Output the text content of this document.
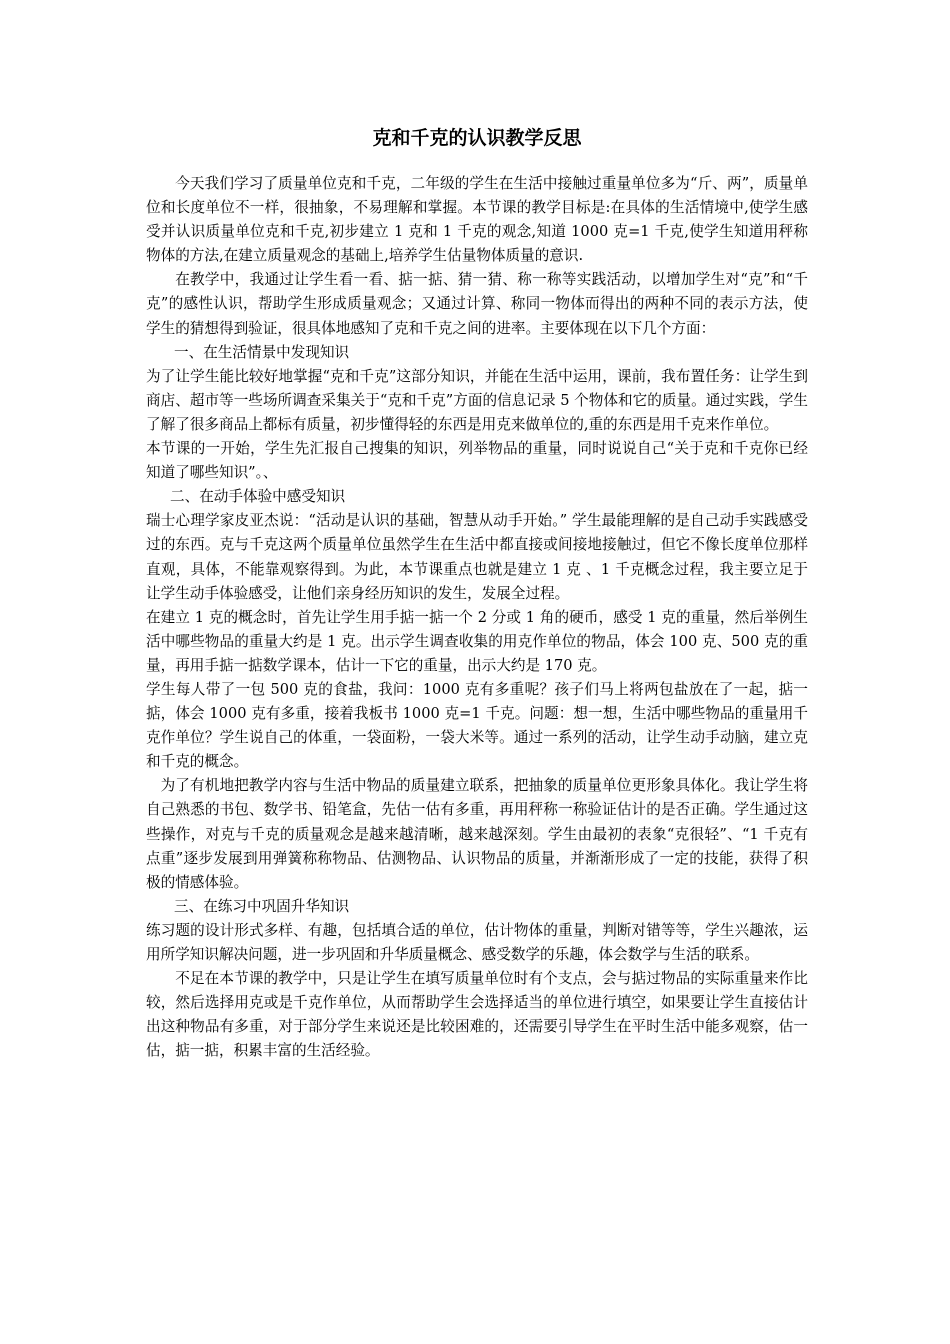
克和千克的认识教学反思

今天我们学习了质量单位克和千克，二年级的学生在生活中接触过重量单位多为“斤、两”，质量单位和长度单位不一样，很抽象，不易理解和掌握。本节课的教学目标是:在具体的生活情境中,使学生感受并认识质量单位克和千克,初步建立 1 克和 1 千克的观念,知道 1000 克=1 千克,使学生知道用秤称物体的方法,在建立质量观念的基础上,培养学生估量物体质量的意识.

在教学中，我通过让学生看一看、掂一掂、猜一猜、称一称等实践活动，以增加学生对“克”和“千克”的感性认识，帮助学生形成质量观念；又通过计算、称同一物体而得出的两种不同的表示方法，使学生的猜想得到验证，很具体地感知了克和千克之间的进率。主要体现在以下几个方面：

一、在生活情景中发现知识

为了让学生能比较好地掌握“克和千克”这部分知识，并能在生活中运用，课前，我布置任务：让学生到商店、超市等一些场所调查采集关于“克和千克”方面的信息记录 5 个物体和它的质量。通过实践，学生了解了很多商品上都标有质量，初步懂得轻的东西是用克来做单位的,重的东西是用千克来作单位。

本节课的一开始，学生先汇报自己搜集的知识，列举物品的重量，同时说说自己“关于克和千克你已经知道了哪些知识”。、

二、在动手体验中感受知识

瑞士心理学家皮亚杰说：“活动是认识的基础，智慧从动手开始。” 学生最能理解的是自己动手实践感受过的东西。克与千克这两个质量单位虽然学生在生活中都直接或间接地接触过，但它不像长度单位那样直观，具体，不能靠观察得到。为此，本节课重点也就是建立 1 克 、1 千克概念过程，我主要立足于让学生动手体验感受，让他们亲身经历知识的发生，发展全过程。

在建立 1 克的概念时，首先让学生用手掂一掂一个 2 分或 1 角的硬币，感受 1 克的重量，然后举例生活中哪些物品的重量大约是 1 克。出示学生调查收集的用克作单位的物品，体会 100 克、500 克的重量，再用手掂一掂数学课本，估计一下它的重量，出示大约是 170 克。

学生每人带了一包 500 克的食盐，我问：1000 克有多重呢？孩子们马上将两包盐放在了一起，掂一掂，体会 1000 克有多重，接着我板书 1000 克=1 千克。问题：想一想，生活中哪些物品的重量用千克作单位？学生说自己的体重，一袋面粉，一袋大米等。通过一系列的活动，让学生动手动脑，建立克和千克的概念。

为了有机地把教学内容与生活中物品的质量建立联系，把抽象的质量单位更形象具体化。我让学生将自己熟悉的书包、数学书、铅笔盒，先估一估有多重，再用秤称一称验证估计的是否正确。学生通过这些操作，对克与千克的质量观念是越来越清晰，越来越深刻。学生由最初的表象“克很轻”、“1 千克有点重”逐步发展到用弹簧称称物品、估测物品、认识物品的质量，并渐渐形成了一定的技能，获得了积极的情感体验。

三、在练习中巩固升华知识

练习题的设计形式多样、有趣，包括填合适的单位，估计物体的重量，判断对错等等，学生兴趣浓，运用所学知识解决问题，进一步巩固和升华质量概念、感受数学的乐趣，体会数学与生活的联系。

不足在本节课的教学中，只是让学生在填写质量单位时有个支点，会与掂过物品的实际重量来作比较，然后选择用克或是千克作单位，从而帮助学生会选择适当的单位进行填空，如果要让学生直接估计出这种物品有多重，对于部分学生来说还是比较困难的，还需要引导学生在平时生活中能多观察，估一估，掂一掂，积累丰富的生活经验。
